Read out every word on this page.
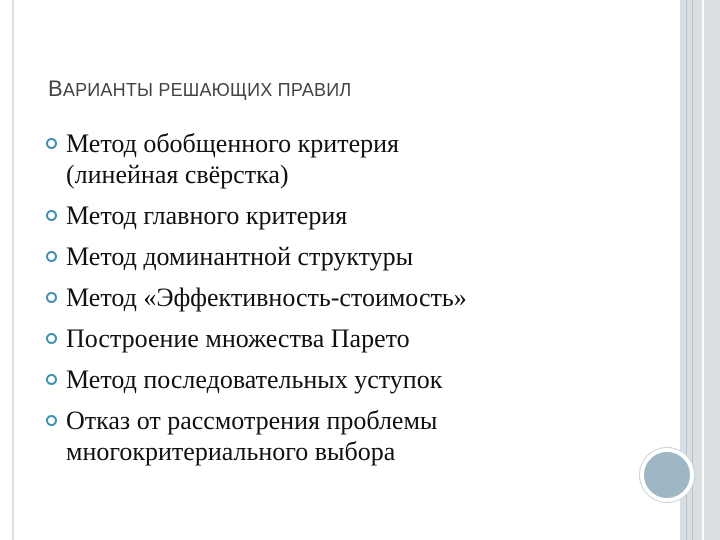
ВАРИАНТЫ РЕШАЮЩИХ ПРАВИЛ
Метод обобщенного критерия
(линейная свёрстка)
Метод главного критерия
Метод доминантной структуры
Метод «Эффективность-стоимость»
Построение множества Парето
Метод последовательных уступок
Отказ от рассмотрения проблемы
многокритериального выбора
